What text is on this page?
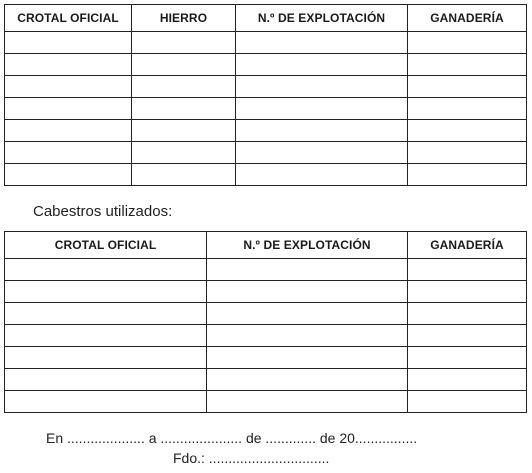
CROTAL OFICIAL	HIERRO	N.º DE EXPLOTACIÓN	GANADERÍA

Cabestros utilizados:
CROTAL OFICIAL	N.º DE EXPLOTACIÓN	GANADERÍA

En .................... a ..................... de ............. de 20................
Fdo.: ...............................
